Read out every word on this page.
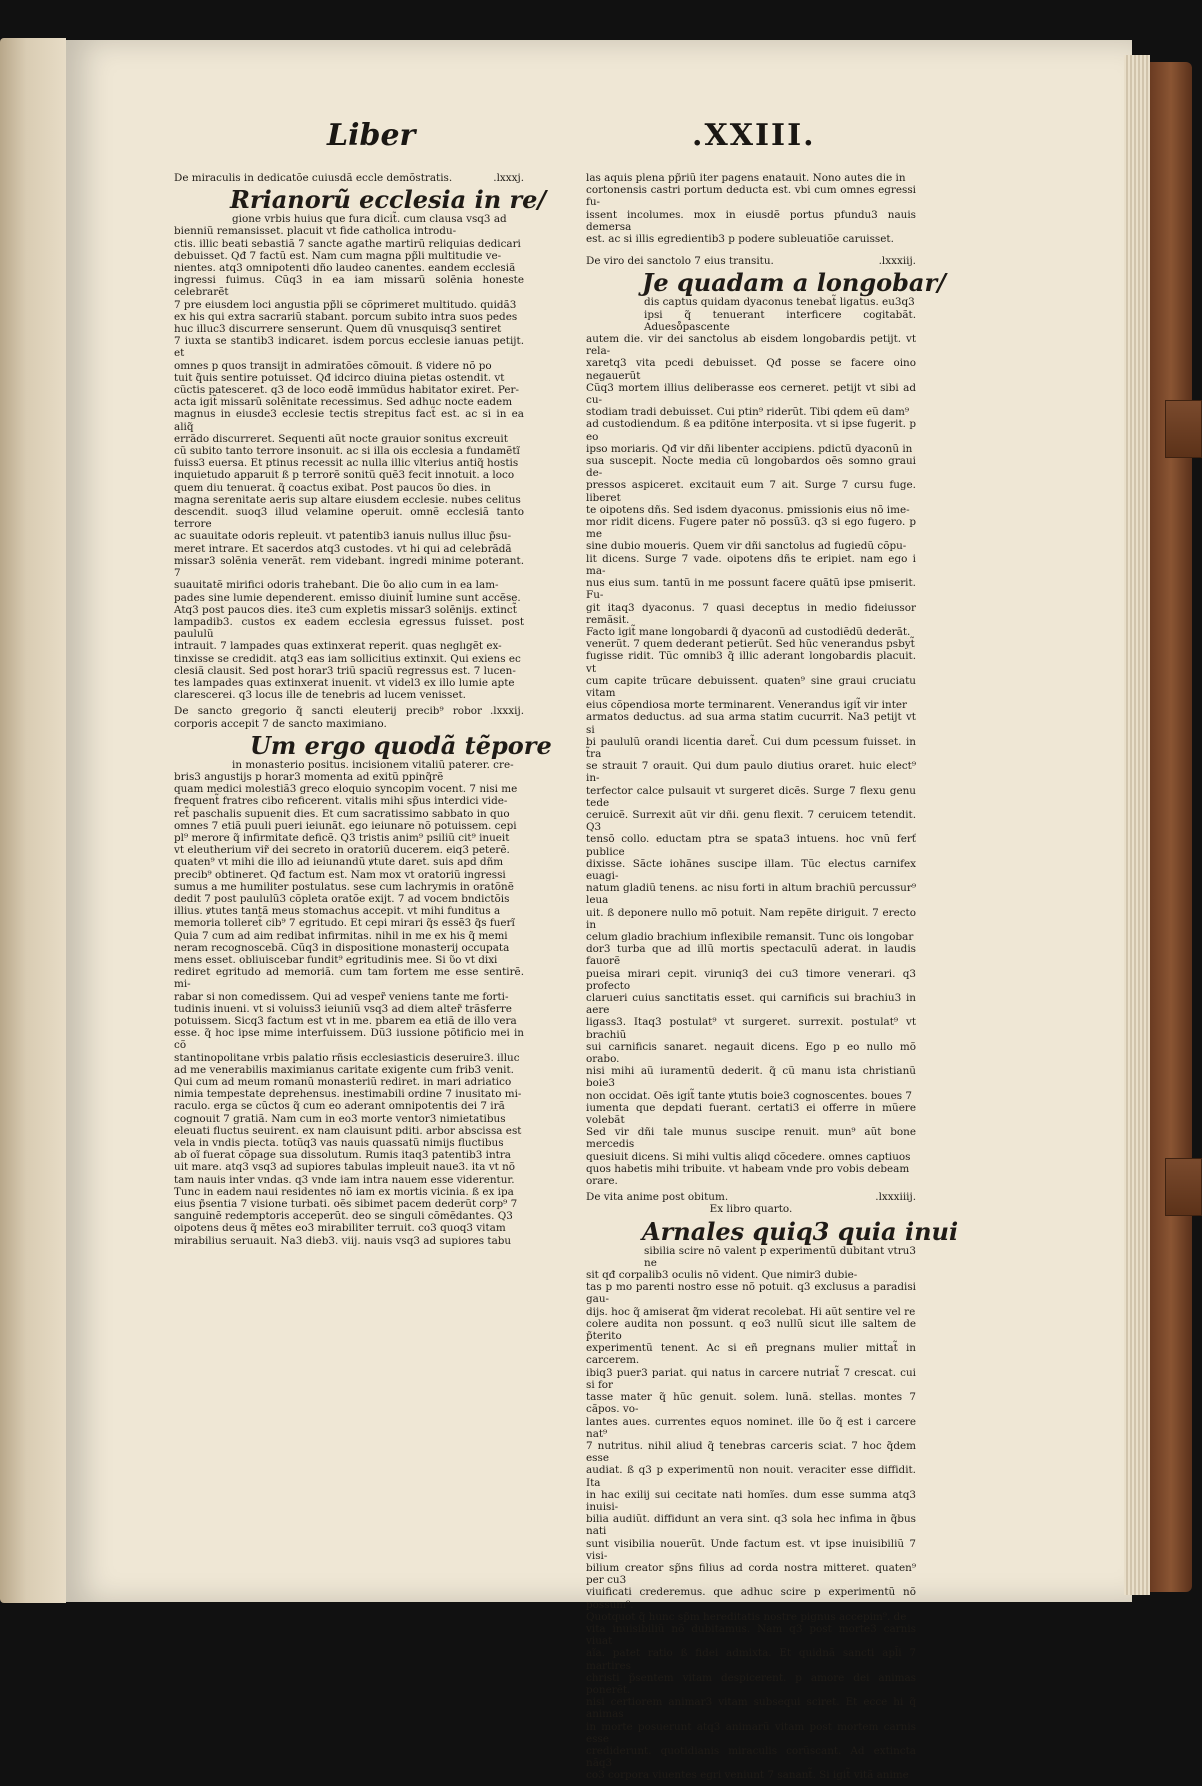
Liber	.XXIII.
De miraculis in dedicatõe cuiusdã eccle demõstratis.	.lxxxj.
Rrianorũ ecclesia in re/

gione vrbis huius que fura dicit̃. cum clausa vsq3 ad

bienniũ remansisset. placuit vt fide catholica introdu-

ctis. illic beati sebastiã 7 sancte agathe martirũ reliquias dedicari

debuisset. Qđ 7 factũ est. Nam cum magna pp̃li multitudie ve-

nientes. atq3 omnipotenti dño laudeo canentes. eandem ecclesiã

ingressi fuimus. Cũq3 in ea iam missarũ solẽnia honeste celebrarẽt

7 pre eiusdem loci angustia pp̃li se cõprimeret multitudo. quidã3

ex his qui extra sacrariũ stabant. porcum subito intra suos pedes

huc illuc3 discurrere senserunt. Quem dũ vnusquisq3 sentiret

7 iuxta se stantib3 indicaret. isdem porcus ecclesie ianuas petijt. et

omnes p quos transijt in admiratões cõmouit. ß videre nõ po

tuit q̃uis sentire potuisset. Qđ idcirco diuina pietas ostendit. vt

cũctis patesceret. q3 de loco eodẽ immũdus habitator exiret. Per-

acta igit̃ missarũ solẽnitate recessimus. Sed adhuc nocte eadem

magnus in eiusde3 ecclesie tectis strepitus fact̃ est. ac si in ea aliq̃

errãdo discurreret. Sequenti aũt nocte grauior sonitus excreuit

cũ subito tanto terrore insonuit. ac si illa ois ecclesia a fundamẽtĩ

fuiss3 euersa. Et ptinus recessit ac nulla illic vlterius antiq̃ hostis

inquietudo apparuit ß p terrorẽ sonitũ quẽ3 fecit innotuit. a loco

quem diu tenuerat. q̃ coactus exibat. Post paucos ῦo dies. in

magna serenitate aeris sup altare eiusdem ecclesie. nubes celitus

descendit. suoq3 illud velamine operuit. omnẽ ecclesiã tanto terrore

ac suauitate odoris repleuit. vt patentib3 ianuis nullus illuc p̃su-

meret intrare. Et sacerdos atq3 custodes. vt hi qui ad celebrãdã

missar3 solẽnia venerãt. rem videbant. ingredi minime poterant. 7

suauitatẽ mirifici odoris trahebant. Die ῦo alio cum in ea lam-

pades sine lumie dependerent. emisso diuinit̃ lumine sunt accẽse.

Atq3 post paucos dies. ite3 cum expletis missar3 solẽnijs. extinct̃

lampadib3. custos ex eadem ecclesia egressus fuisset. post paululũ

intrauit. 7 lampades quas extinxerat reperit. quas neglıgẽt ex-

tinxisse se credidit. atq3 eas iam sollicitius extinxit. Qui exiens ec

clesiã clausit. Sed post horar3 triũ spaciũ regressus est. 7 lucen-

tes lampades quas extinxerat inuenit. vt videl3 ex illo lumie apte

clarescerei. q3 locus ille de tenebris ad lucem venisset.

De sancto gregorio q̃ sancti eleuterij precib⁹ robor corporis accepit 7 de sancto maximiano.
.lxxxij.
Um ergo quodã tẽpore

in monasterio positus. incisionem vitaliũ paterer. cre-

bris3 angustijs p horar3 momenta ad exitũ ppinq̃rẽ

quam medici molestiã3 greco eloquio syncopim vocent. 7 nisi me

frequent̃ fratres cibo reficerent. vitalis mihi sp̃us interdici vide-

ret̃ paschalis supuenit dies. Et cum sacratissimo sabbato in quo

omnes 7 etiã puuli pueri ieiunãt. ego ieiunare nõ potuissem. cepi

pl⁹ merore q̃ infirmitate deficẽ. Q3 tristis anim⁹ psiliũ cit⁹ inueit

vt eleutherium vir̃ dei secreto in oratoriũ ducerem. eiq3 peterẽ.

quaten⁹ vt mihi die illo ad ieiunandũ ꝟtute daret. suis apd dñm

precib⁹ obtineret. Qđ factum est. Nam mox vt oratoriũ ingressi

sumus a me humiliter postulatus. sese cum lachrymis in oratõnẽ

dedit 7 post paululũ3 cõpleta oratõe exijt. 7 ad vocem bndictõis

illius. ꝟtutes tantã meus stomachus accepit. vt mihi funditus a

memoria tolleret̃ cib⁹ 7 egritudo. Et cepi mirari q̃s essẽ3 q̃s fuerĩ

Quia 7 cum ad aim redibat infirmitas. nihil in me ex his q̃ memi

neram recognoscebã. Cũq3 in dispositione monasterij occupata

mens esset. obliuiscebar fundit⁹ egritudinis mee. Si ῦo vt dixi

rediret egritudo ad memoriã. cum tam fortem me esse sentirẽ. mi-

rabar si non comedissem. Qui ad vesper̃ veniens tante me forti-

tudinis inueni. vt si voluiss3 ieiuniũ vsq3 ad diem alter̃ trãsferre

potuissem. Sicq3 factum est vt in me. pbarem ea etiã de illo vera

esse. q̃ hoc ipse mime interfuissem. Dũ3 iussione põtificio mei in cõ

stantinopolitane vrbis palatio rñsis ecclesiasticis deseruire3. illuc

ad me venerabilis maximianus caritate exigente cum frib3 venit.

Qui cum ad meum romanũ monasteriũ rediret. in mari adriatico

nimia tempestate deprehensus. inestimabili ordine 7 inusitato mi-

raculo. erga se cũctos q̃ cum eo aderant omnipotentis dei 7 irã

cognouit 7 gratiã. Nam cum in eo3 morte ventor3 nimietatibus

eleuati fluctus seuirent. ex nam clauisunt pditi. arbor abscissa est

vela in vndis piecta. totũq3 vas nauis quassatũ nimijs fluctibus

ab oĩ fuerat cõpage sua dissolutum. Rumis itaq3 patentib3 intra

uit mare. atq3 vsq3 ad supiores tabulas impleuit naue3. ita vt nõ

tam nauis inter vndas. q3 vnde iam intra nauem esse viderentur.

Tunc in eadem naui residentes nõ iam ex mortis vicinia. ß ex ipa

eius p̃sentia 7 visione turbati. oẽs sibimet pacem dederũt corp⁹ 7

sanguinẽ redemptoris acceperũt. deo se singuli cõmẽdantes. Q3

oipotens deus q̃ mẽtes eo3 mirabiliter terruit. co3 quoq3 vitam

mirabilius seruauit. Na3 dieb3. viij. nauis vsq3 ad supiores tabu

las aquis plena pp̃riũ iter pagens enatauit. Nono autes die in

cortonensis castri portum deducta est. vbi cum omnes egressi fu-

issent incolumes. mox in eiusdẽ portus pfundu3 nauis demersa

est. ac si illis egredientib3 p podere subleuatiõe caruisset.

De viro dei sanctolo 7 eius transitu.	.lxxxiij.
Je quadam a longobar/

dis captus quidam dyaconus tenebat̃ ligatus. eu3q3

ipsi q̃ tenuerant interficere cogitabãt. Adueso̊pascente

autem die. vir dei sanctolus ab eisdem longobardis petijt. vt rela-

xaretq3 vita pcedi debuisset. Qđ posse se facere oino negauerũt

Cũq3 mortem illius deliberasse eos cerneret. petijt vt sibi ad cu-

stodiam tradi debuisset. Cui ptin⁹ riderũt. Tibi qdem eũ dam⁹

ad custodiendum. ß ea pditõne interposita. vt si ipse fugerit. p eo

ipso moriaris. Qđ vir dñi libenter accipiens. pdictũ dyaconũ in

sua suscepit. Nocte media cũ longobardos oẽs somno graui de-

pressos aspiceret. excitauit eum 7 ait. Surge 7 cursu fuge. liberet

te oipotens dñs. Sed isdem dyaconus. pmissionis eius nõ ime-

mor ridit dicens. Fugere pater nõ possũ3. q3 si ego fugero. p me

sine dubio moueris. Quem vir dñi sanctolus ad fugiedũ cõpu-

lit dicens. Surge 7 vade. oipotens dñs te eripiet. nam ego i ma-

nus eius sum. tantũ in me possunt facere quãtũ ipse pmiserit. Fu-

git itaq3 dyaconus. 7 quasi deceptus in medio fideiussor remãsit.

Facto igit̃ mane longobardi q̃ dyaconũ ad custodiẽdũ dederãt.

venerũt. 7 quem dederant petierũt. Sed hũc venerandus psbyt̃

fugisse ridit. Tũc omnib3 q̃ illic aderant longobardis placuit. vt

cum capite trũcare debuissent. quaten⁹ sine graui cruciatu vitam

eius cõpendiosa morte terminarent. Venerandus igit̃ vir inter

armatos deductus. ad sua arma statim cucurrit. Na3 petijt vt si

bi paululũ orandi licentia daret̃. Cui dum pcessum fuisset. in t̃ra

se strauit 7 orauit. Qui dum paulo diutius oraret. huic elect⁹ in-

terfector calce pulsauit vt surgeret dicẽs. Surge 7 flexu genu tede

ceruicẽ. Surrexit aũt vir dñi. genu flexit. 7 ceruicem tetendit. Q3

tensõ collo. eductam ptra se spata3 intuens. hoc vnũ ferť publice

dixisse. Sãcte iohãnes suscipe illam. Tũc electus carnifex euagi-

natum gladiũ tenens. ac nisu forti in altum brachiũ percussur⁹ leua

uit. ß deponere nullo mõ potuit. Nam repẽte diriguit. 7 erecto in

celum gladio brachium inflexibile remansit. Tunc ois longobar

dor3 turba que ad illũ mortis spectaculũ aderat. in laudis fauorẽ

pueisa mirari cepit. viruniq3 dei cu3 timore venerari. q3 profecto

clarueri cuius sanctitatis esset. qui carnificis sui brachiu3 in aere

ligass3. Itaq3 postulat⁹ vt surgeret. surrexit. postulat⁹ vt brachiũ

sui carnificis sanaret. negauit dicens. Ego p eo nullo mõ orabo.

nisi mihi aũ iuramentũ dederit. q̃ cũ manu ista christianũ boie3

non occidat. Oẽs igit̃ tante ꝟtutis boie3 cognoscentes. boues 7

iumenta que depdati fuerant. certati3 ei offerre in mũere volebãt

Sed vir dñi tale munus suscipe renuit. mun⁹ aũt bone mercedis

quesiuit dicens. Si mihi vultis aliqd cõcedere. omnes captiuos

quos habetis mihi tribuite. vt habeam vnde pro vobis debeam

orare.

De vita anime post obitum.	.lxxxiiij.
Ex libro quarto.
Arnales quiq3 quia inui

sibilia scire nõ valent p experimentũ dubitant vtru3 ne

sit qđ corpalib3 oculis nõ vident. Que nimir3 dubie-

tas p mo parenti nostro esse nõ potuit. q3 exclusus a paradisi gau-

dijs. hoc q̃ amiserat q̃m viderat recolebat. Hi aũt sentire vel re

colere audita non possunt. q eo3 nullũ sicut ille saltem de p̃terito

experimentũ tenent. Ac si eñ pregnans mulier mittat̃ in carcerem.

ibiq3 puer3 pariat. qui natus in carcere nutriat̃ 7 crescat. cui si for

tasse mater q̃ hũc genuit. solem. lunã. stellas. montes 7 cãpos. vo-

lantes aues. currentes equos nominet. ille ῦo q̃ est i carcere nat⁹

7 nutritus. nihil aliud q̃ tenebras carceris sciat. 7 hoc q̃dem esse

audiat. ß q3 p experimentũ non nouit. veraciter esse diffidit. Ita

in hac exilij sui cecitate nati homĩes. dum esse summa atq3 inuisi-

bilia audiũt. diffidunt an vera sint. q3 sola hec infima in q̃bus nati

sunt visibilia nouerũt. Unde factum est. vt ipse inuisibiliũ 7 visi-

bilium creator sp̃ns filius ad corda nostra mitteret. quaten⁹ per cu3

viuificati crederemus. que adhuc scire p experimentũ nõ possum⁹.

Quotquot q̃ hunc sp̃m hereditatis nostre pignus accepim⁹. de

vita inuisibiliũ nõ dubitamus. Nam q3 post morte3 carnis viuat

aĩa. patet ratio ß fidei admixta. Et quidnã sancti apl̃i 7 martires

christi p̃sentem vitam despicerent. p amore dei animas ponerẽt.

nisi certiorem animar3 vitam subsequi sciret. Et ecce hi q̃ animas

in morte posuerunt atq3 animarũ vitam post mortem carnis esse

crediderunt. quotidianis miraculis corũscant. Ad extincta năq3

co3 corpora viuentes egri veniunt 7 sanant̃. Si igit̃ vitã anime
